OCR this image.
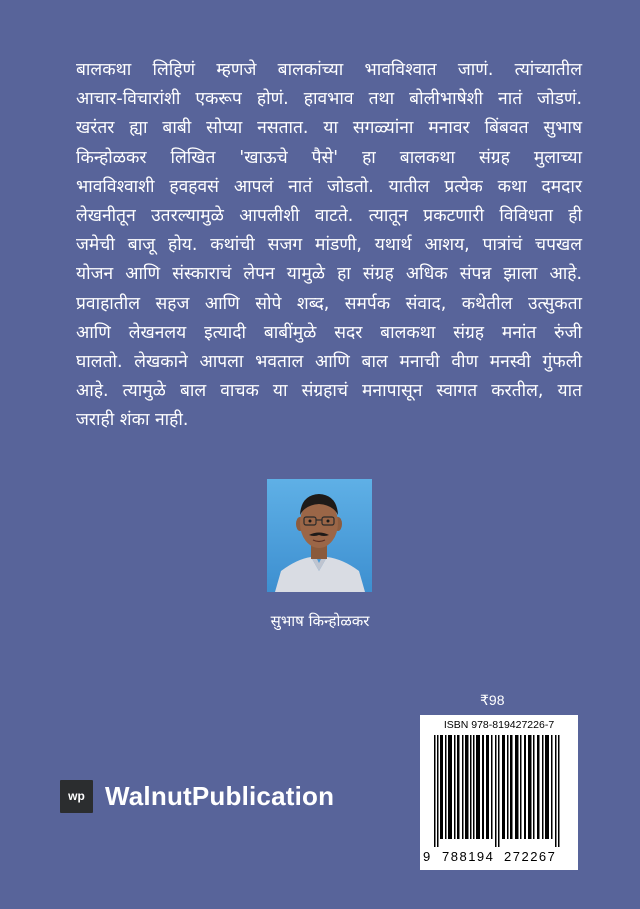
बालकथा लिहिणं म्हणजे बालकांच्या भावविश्वात जाणं. त्यांच्यातील
आचार-विचारांशी एकरूप होणं. हावभाव तथा बोलीभाषेशी नातं जोडणं.
खरंतर ह्या बाबी सोप्या नसतात. या सगळ्यांना मनावर बिंबवत सुभाष
किन्होळकर लिखित 'खाऊचे पैसे' हा बालकथा संग्रह मुलाच्या
भावविश्वाशी हवहवसं आपलं नातं जोडतो. यातील प्रत्येक कथा दमदार
लेखनीतून उतरल्यामुळे आपलीशी वाटते. त्यातून प्रकटणारी विविधता ही
जमेची बाजू होय. कथांची सजग मांडणी, यथार्थ आशय, पात्रांचं चपखल
योजन आणि संस्काराचं लेपन यामुळे हा संग्रह अधिक संपन्न झाला आहे.
प्रवाहातील सहज आणि सोपे शब्द, समर्पक संवाद, कथेतील उत्सुकता
आणि लेखनलय इत्यादी बाबींमुळे सदर बालकथा संग्रह मनांत रुंजी
घालतो. लेखकाने आपला भवताल आणि बाल मनाची वीण मनस्वी गुंफली
आहे. त्यामुळे बाल वाचक या संग्रहाचं मनापासून स्वागत करतील, यात
जराही शंका नाही.
सुभाष किन्होळकर
₹98
ISBN 978-819427226-7
9 788194 272267
wp WalnutPublication
